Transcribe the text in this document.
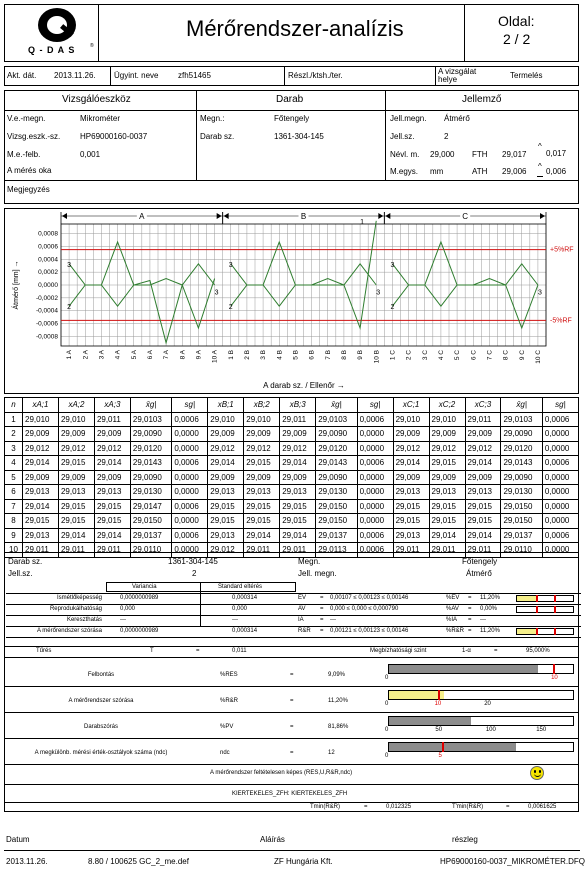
Q - D A S	®
Mérőrendszer-analízis	Oldal:
2 / 2
Akt. dát. 2013.11.26. Ügyint. neve zfh51465	Részl./ktsh./ter.	A vizsgálat helye	Termelés
Vizsgálóeszköz	Darab	Jellemző
V.e.-megn.	Mikrométer
Vizsg.eszk.-sz. HP69000160-0037
M.e.-felb.	0,001
A mérés oka
Megn.:	Főtengely
Darab sz.	1361-304-145
Jell.megn. Átmérő
Jell.sz.	2
Névl. m. 29,000 FTH 29,017
^
0,017
M.egys. mm	ATH 29,006
^
0,006
Megjegyzés
0,0008
0,0006
0,0004
0,0002
0,0000
-0,0002
-0,0004
-0,0006
-0,0008
+5%RF
-5%RF
A	B	C
3
2
3
3
2
1
3
3
2
3
1 A 2 A 3 A 4 A 5 A 6 A 7 A 8 A 9 A 10 A 1 B 2 B 3 B 4 B 5 B 6 B 7 B 8 B 9 B 10 B 1 C 2 C 3 C 4 C 5 C 6 C 7 C 8 C 9 C 10 C
Átmérő [mm] →
A darab sz. / Ellenőr →
n	xA;1	xA;2	xA;3	x̄g|	sg|	xB;1	xB;2	xB;3	x̄g|	sg|	xC;1	xC;2	xC;3	x̄g|	sg|
1	29,010	29,010	29,011	29,0103	0,0006	29,010	29,010	29,011	29,0103	0,0006	29,010	29,010	29,011	29,0103	0,0006
2	29,009	29,009	29,009	29,0090	0,0000	29,009	29,009	29,009	29,0090	0,0000	29,009	29,009	29,009	29,0090	0,0000
3	29,012	29,012	29,012	29,0120	0,0000	29,012	29,012	29,012	29,0120	0,0000	29,012	29,012	29,012	29,0120	0,0000
4	29,014	29,015	29,014	29,0143	0,0006	29,014	29,015	29,014	29,0143	0,0006	29,014	29,015	29,014	29,0143	0,0006
5	29,009	29,009	29,009	29,0090	0,0000	29,009	29,009	29,009	29,0090	0,0000	29,009	29,009	29,009	29,0090	0,0000
6	29,013	29,013	29,013	29,0130	0,0000	29,013	29,013	29,013	29,0130	0,0000	29,013	29,013	29,013	29,0130	0,0000
7	29,014	29,015	29,015	29,0147	0,0006	29,015	29,015	29,015	29,0150	0,0000	29,015	29,015	29,015	29,0150	0,0000
8	29,015	29,015	29,015	29,0150	0,0000	29,015	29,015	29,015	29,0150	0,0000	29,015	29,015	29,015	29,0150	0,0000
9	29,013	29,014	29,014	29,0137	0,0006	29,013	29,014	29,014	29,0137	0,0006	29,013	29,014	29,014	29,0137	0,0006
10	29,011	29,011	29,011	29,0110	0,0000	29,012	29,011	29,011	29,0113	0,0006	29,011	29,011	29,011	29,0110	0,0000
Darab sz.	1361-304-145
Jell.sz.	2
Megn.	Főtengely
Jell. megn.	Átmérő
Variancia	Standard eltérés
Ismétlőképesség	0,0000000989	0,000314	EV = 0,00107 ≤ 0,00123 ≤ 0,00146	%EV = 11,20%
Reprodukálhatóság	0,000	0,000	AV = 0,000 ≤ 0,000 ≤ 0,000790	%AV = 0,00%
Kereszthatás	---	---	IA	= ---	%IA = ---
A mérőrendszer szórása	0,0000000989	0,000314	R&R = 0,00121 ≤ 0,00123 ≤ 0,00146	%R&R = 11,20%
Tűrés	T	=	0,011	Megbízhatósági szint	1-α	=	95,000%
Felbontás	%RES	=	9,09%	0	10
A mérőrendszer szórása	%R&R	=	11,20%	0	10	20
Darabszórás	%PV	=	81,86%	0	50	100	150
A megkülönb. mérési érték-osztályok száma (ndc)	ndc	=	12	0	5
A mérőrendszer feltételesen képes (RES,U,R&R,ndc)
KIERTEKELES_ZFH: KIERTEKELES_ZFH
Tmin(R&R)	=	0,012325	T'min(R&R)	=	0,0061625
Datum	Aláírás	részleg
2013.11.26.	8.80 / 100625 GC_2_me.def	ZF Hungária Kft.	HP69000160-0037_MIKROMÉTER.DFQ
